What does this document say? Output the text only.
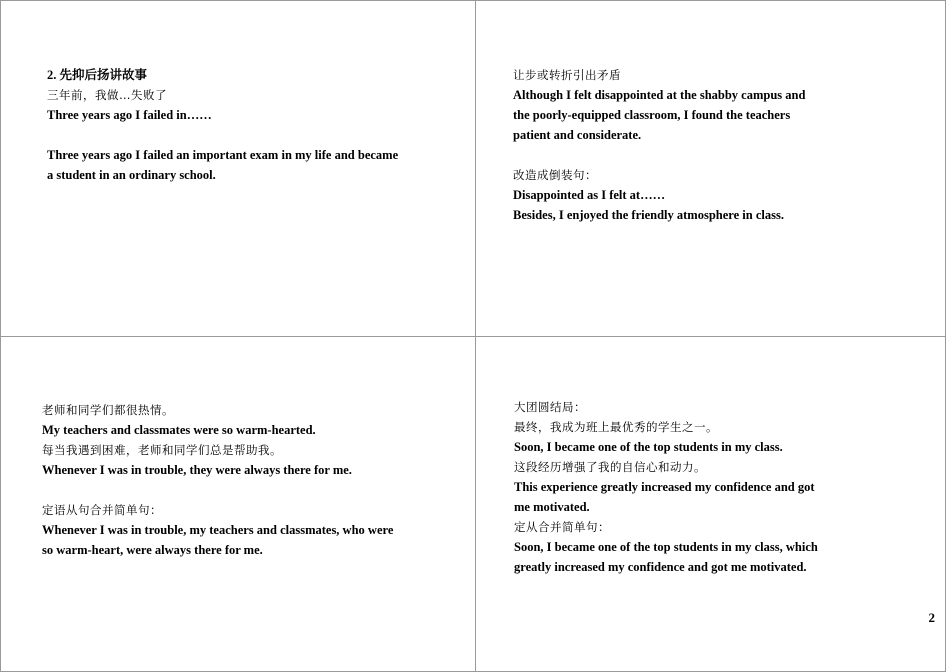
2. 先抑后扬讲故事
三年前，我做…失败了
Three years ago I failed in……
Three years ago I failed an important exam in my life and became
a student in an ordinary school.
让步或转折引出矛盾
Although I felt disappointed at the shabby campus and
the poorly-equipped classroom, I found the teachers
patient and considerate.
改造成倒装句：
Disappointed as I felt at……
Besides, I enjoyed the friendly atmosphere in class.
老师和同学们都很热情。
My teachers and classmates were so warm-hearted.
每当我遇到困难，老师和同学们总是帮助我。
Whenever I was in trouble, they were always there for me.
定语从句合并简单句：
Whenever I was in trouble, my teachers and classmates, who were
so warm-heart, were always there for me.
大团圆结局：
最终，我成为班上最优秀的学生之一。
Soon, I became one of the top students in my class.
这段经历增强了我的自信心和动力。
This experience greatly increased my confidence and got
me motivated.
定从合并简单句：
Soon, I became one of the top students in my class, which
greatly increased my confidence and got me motivated.
2
